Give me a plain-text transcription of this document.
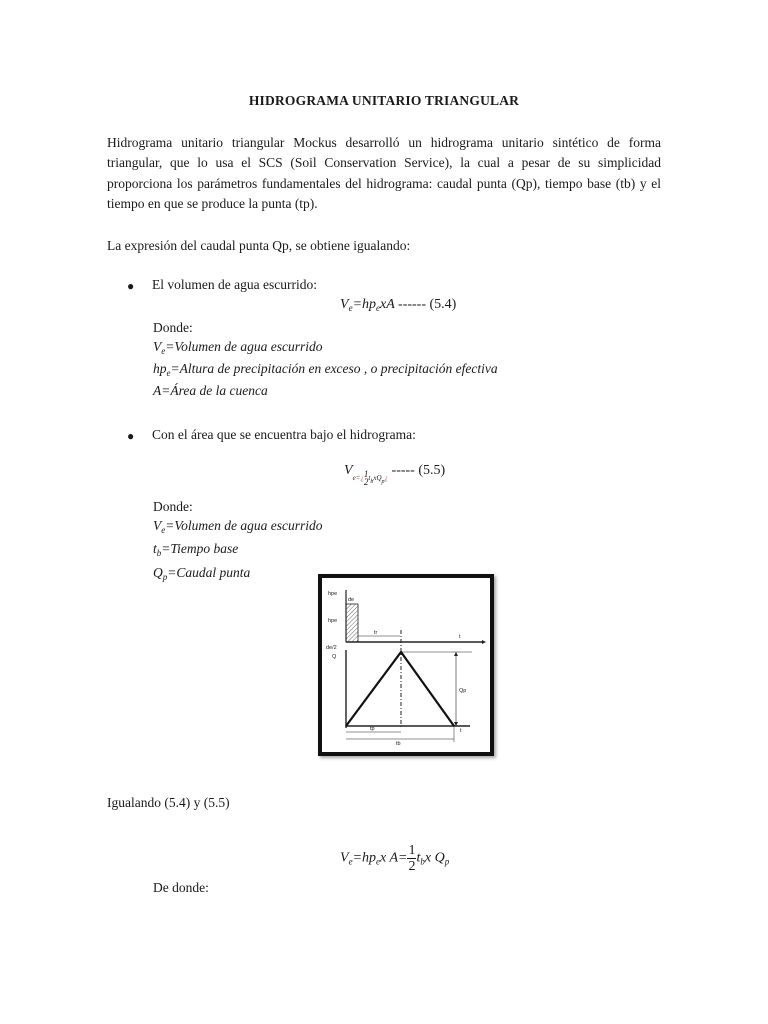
HIDROGRAMA UNITARIO TRIANGULAR
Hidrograma unitario triangular Mockus desarrolló un hidrograma unitario sintético de forma triangular, que lo usa el SCS (Soil Conservation Service), la cual a pesar de su simplicidad proporciona los parámetros fundamentales del hidrograma: caudal punta (Qp), tiempo base (tb) y el tiempo en que se produce la punta (tp).
La expresión del caudal punta Qp, se obtiene igualando:
● El volumen de agua escurrido:
$V_e=hp_exA$ ------ (5.4)
Donde:
$V_e=Volumen$ de agua escurrido
$hp_e=Altura$ de precipitación en exceso , o precipitación efectiva
A=Área de la cuenca
● Con el área que se encuentra bajo el hidrograma:
$V_{e=¿ 1 2 t_bxQ_p¿}$ ----- (5.5)
Donde:
$V_e=Volumen$ de agua escurrido
$t_b=Tiempo$ base
$Q_p=Caudal$ punta
hpe
de
hpe
tr
t
de/2
Q
Qp
t
tp
tb
Igualando (5.4) y (5.5)
$V_e=hp_ex$ $A= \frac{1}{2} t_bx$ $Q_p$
De donde:
